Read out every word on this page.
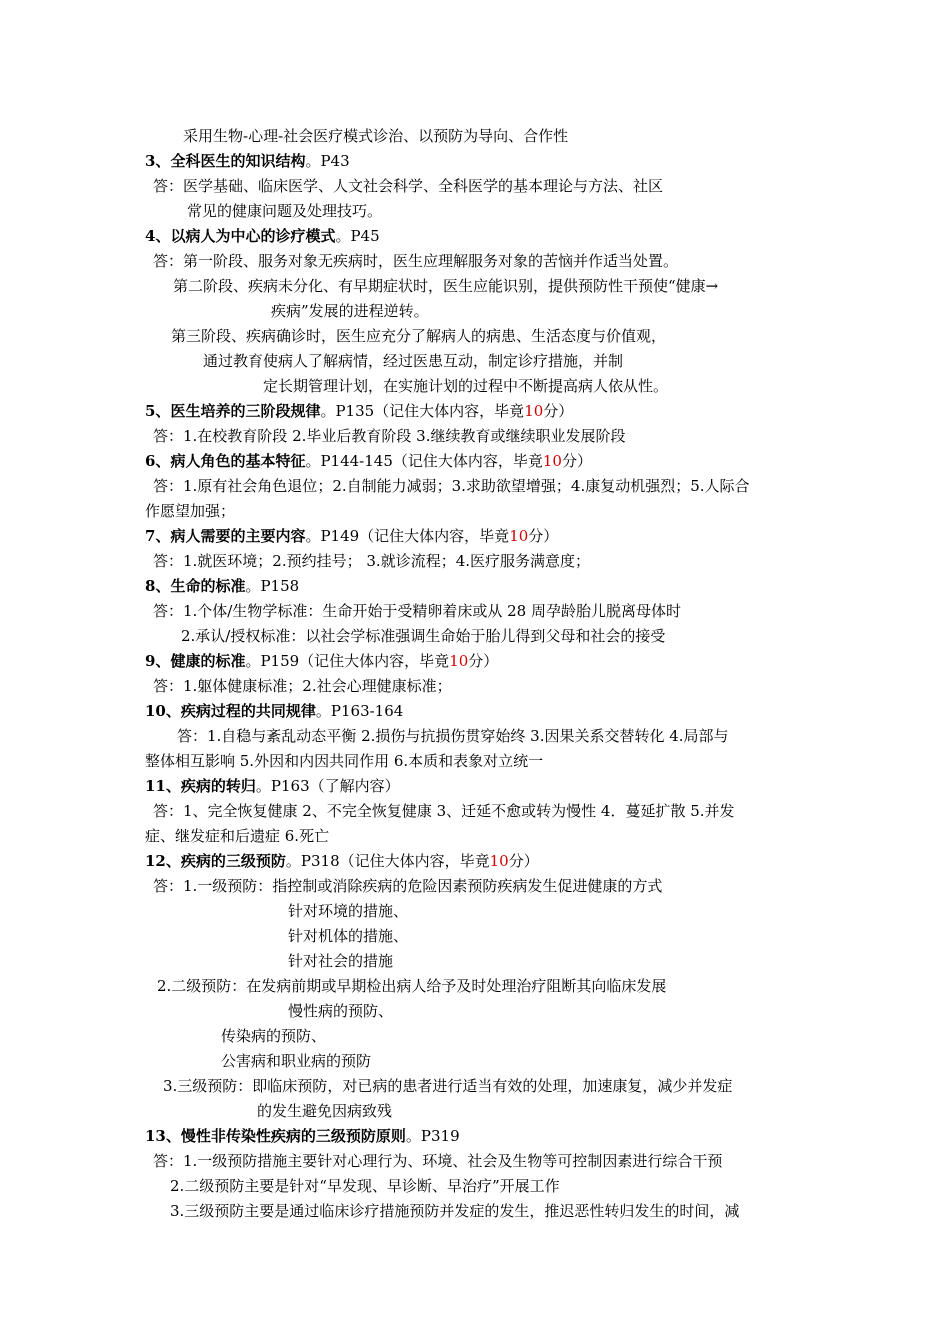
采用生物-心理-社会医疗模式诊治、以预防为导向、合作性
3、全科医生的知识结构。P43
答：医学基础、临床医学、人文社会科学、全科医学的基本理论与方法、社区
常见的健康问题及处理技巧。
4、以病人为中心的诊疗模式。P45
答：第一阶段、服务对象无疾病时，医生应理解服务对象的苦恼并作适当处置。
第二阶段、疾病未分化、有早期症状时，医生应能识别，提供预防性干预使“健康→
疾病”发展的进程逆转。
第三阶段、疾病确诊时，医生应充分了解病人的病患、生活态度与价值观，
通过教育使病人了解病情，经过医患互动，制定诊疗措施，并制
定长期管理计划，在实施计划的过程中不断提高病人依从性。
5、医生培养的三阶段规律。P135（记住大体内容，毕竟10分）
答：1.在校教育阶段 2.毕业后教育阶段 3.继续教育或继续职业发展阶段
6、病人角色的基本特征。P144-145（记住大体内容，毕竟10分）
答：1.原有社会角色退位；2.自制能力减弱；3.求助欲望增强；4.康复动机强烈；5.人际合
作愿望加强；
7、病人需要的主要内容。P149（记住大体内容，毕竟10分）
答：1.就医环境；2.预约挂号； 3.就诊流程；4.医疗服务满意度；
8、生命的标准。P158
答：1.个体/生物学标准：生命开始于受精卵着床或从 28 周孕龄胎儿脱离母体时
2.承认/授权标准：以社会学标准强调生命始于胎儿得到父母和社会的接受
9、健康的标准。P159（记住大体内容，毕竟10分）
答：1.躯体健康标准；2.社会心理健康标准；
10、疾病过程的共同规律。P163-164
答：1.自稳与紊乱动态平衡 2.损伤与抗损伤贯穿始终 3.因果关系交替转化 4.局部与
整体相互影响 5.外因和内因共同作用 6.本质和表象对立统一
11、疾病的转归。P163（了解内容）
答：1、完全恢复健康 2、不完全恢复健康 3、迁延不愈或转为慢性 4．蔓延扩散 5.并发
症、继发症和后遗症 6.死亡
12、疾病的三级预防。P318（记住大体内容，毕竟10分）
答：1.一级预防：指控制或消除疾病的危险因素预防疾病发生促进健康的方式
针对环境的措施、
针对机体的措施、
针对社会的措施
2.二级预防：在发病前期或早期检出病人给予及时处理治疗阻断其向临床发展
慢性病的预防、
传染病的预防、
公害病和职业病的预防
3.三级预防：即临床预防，对已病的患者进行适当有效的处理，加速康复，减少并发症
的发生避免因病致残
13、慢性非传染性疾病的三级预防原则。P319
答：1.一级预防措施主要针对心理行为、环境、社会及生物等可控制因素进行综合干预
2.二级预防主要是针对“早发现、早诊断、早治疗”开展工作
3.三级预防主要是通过临床诊疗措施预防并发症的发生，推迟恶性转归发生的时间，减
